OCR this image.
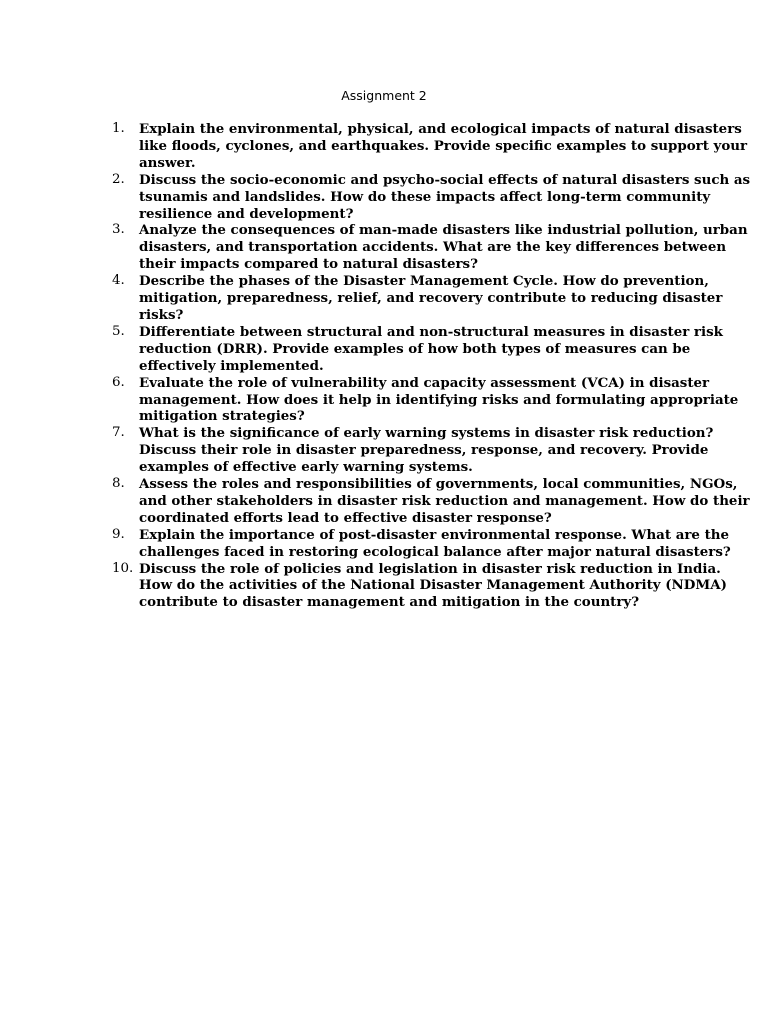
Assignment 2
1.	Explain the environmental, physical, and ecological impacts of natural disasters
like floods, cyclones, and earthquakes. Provide specific examples to support your
answer.
2.	Discuss the socio-economic and psycho-social effects of natural disasters such as
tsunamis and landslides. How do these impacts affect long-term community
resilience and development?
3.	Analyze the consequences of man-made disasters like industrial pollution, urban
disasters, and transportation accidents. What are the key differences between
their impacts compared to natural disasters?
4.	Describe the phases of the Disaster Management Cycle. How do prevention,
mitigation, preparedness, relief, and recovery contribute to reducing disaster
risks?
5.	Differentiate between structural and non-structural measures in disaster risk
reduction (DRR). Provide examples of how both types of measures can be
effectively implemented.
6.	Evaluate the role of vulnerability and capacity assessment (VCA) in disaster
management. How does it help in identifying risks and formulating appropriate
mitigation strategies?
7.	What is the significance of early warning systems in disaster risk reduction?
Discuss their role in disaster preparedness, response, and recovery. Provide
examples of effective early warning systems.
8.	Assess the roles and responsibilities of governments, local communities, NGOs,
and other stakeholders in disaster risk reduction and management. How do their
coordinated efforts lead to effective disaster response?
9.	Explain the importance of post-disaster environmental response. What are the
challenges faced in restoring ecological balance after major natural disasters?
10. Discuss the role of policies and legislation in disaster risk reduction in India.
How do the activities of the National Disaster Management Authority (NDMA)
contribute to disaster management and mitigation in the country?
